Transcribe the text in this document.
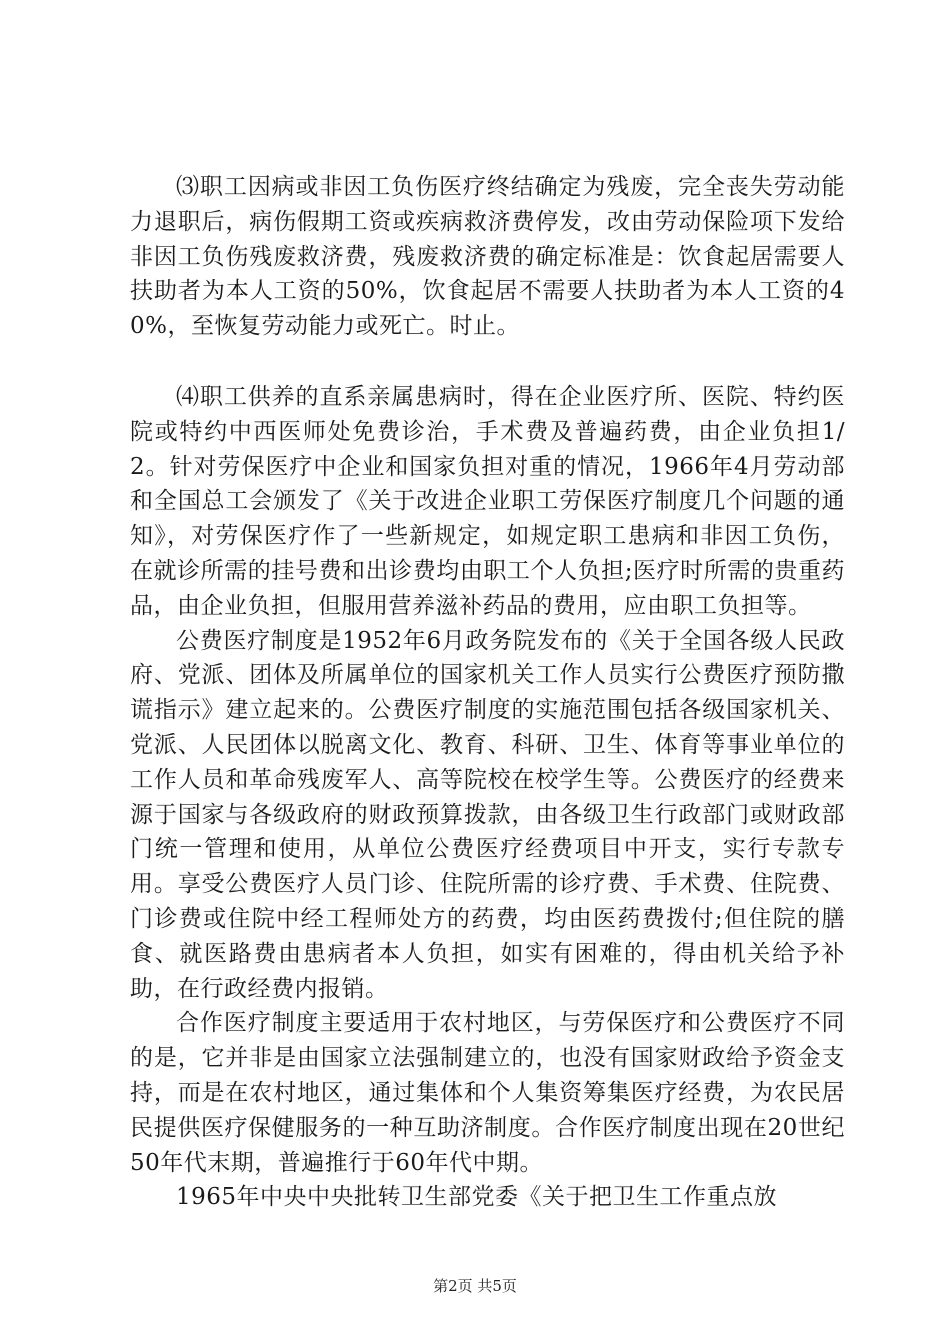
⑶职工因病或非因工负伤医疗终结确定为残废，完全丧失劳动能力退职后，病伤假期工资或疾病救济费停发，改由劳动保险项下发给非因工负伤残废救济费，残废救济费的确定标准是：饮食起居需要人扶助者为本人工资的50%，饮食起居不需要人扶助者为本人工资的40%，至恢复劳动能力或死亡。时止。

⑷职工供养的直系亲属患病时，得在企业医疗所、医院、特约医院或特约中西医师处免费诊治，手术费及普遍药费，由企业负担1/2。针对劳保医疗中企业和国家负担对重的情况，1966年4月劳动部和全国总工会颁发了《关于改进企业职工劳保医疗制度几个问题的通知》，对劳保医疗作了一些新规定，如规定职工患病和非因工负伤，在就诊所需的挂号费和出诊费均由职工个人负担;医疗时所需的贵重药品，由企业负担，但服用营养滋补药品的费用，应由职工负担等。

公费医疗制度是1952年6月政务院发布的《关于全国各级人民政府、党派、团体及所属单位的国家机关工作人员实行公费医疗预防撒谎指示》建立起来的。公费医疗制度的实施范围包括各级国家机关、党派、人民团体以脱离文化、教育、科研、卫生、体育等事业单位的工作人员和革命残废军人、高等院校在校学生等。公费医疗的经费来源于国家与各级政府的财政预算拨款，由各级卫生行政部门或财政部门统一管理和使用，从单位公费医疗经费项目中开支，实行专款专用。享受公费医疗人员门诊、住院所需的诊疗费、手术费、住院费、门诊费或住院中经工程师处方的药费，均由医药费拨付;但住院的膳食、就医路费由患病者本人负担，如实有困难的，得由机关给予补助，在行政经费内报销。

合作医疗制度主要适用于农村地区，与劳保医疗和公费医疗不同的是，它并非是由国家立法强制建立的，也没有国家财政给予资金支持，而是在农村地区，通过集体和个人集资筹集医疗经费，为农民居民提供医疗保健服务的一种互助济制度。合作医疗制度出现在20世纪50年代末期，普遍推行于60年代中期。

1965年中央中央批转卫生部党委《关于把卫生工作重点放

第2页 共5页
